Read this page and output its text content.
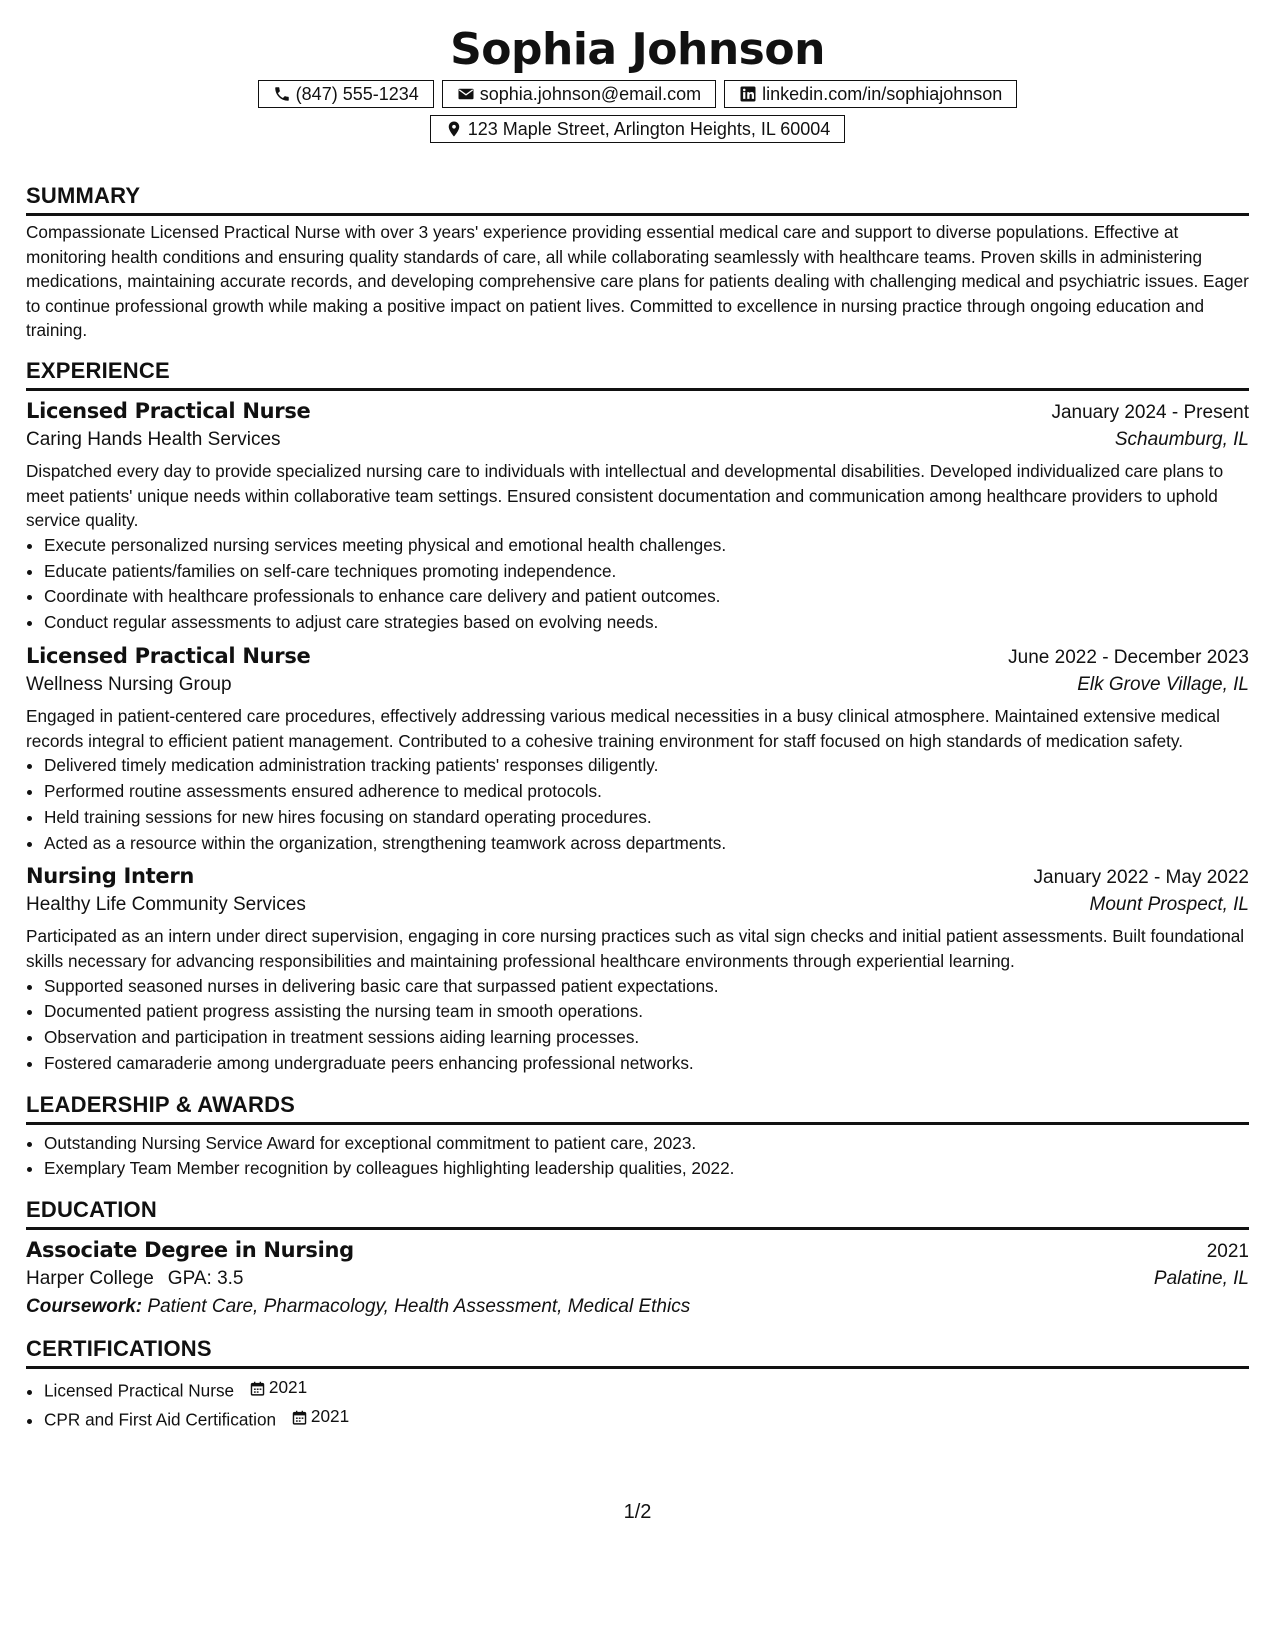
Sophia Johnson
(847) 555-1234	sophia.johnson@email.com	linkedin.com/in/sophiajohnson
123 Maple Street, Arlington Heights, IL 60004
SUMMARY

Compassionate Licensed Practical Nurse with over 3 years' experience providing essential medical care and support to diverse populations. Effective at monitoring health conditions and ensuring quality standards of care, all while collaborating seamlessly with healthcare teams. Proven skills in administering medications, maintaining accurate records, and developing comprehensive care plans for patients dealing with challenging medical and psychiatric issues. Eager to continue professional growth while making a positive impact on patient lives. Committed to excellence in nursing practice through ongoing education and training.

EXPERIENCE
Licensed Practical Nurse	January 2024 - Present
Caring Hands Health Services	Schaumburg, IL

Dispatched every day to provide specialized nursing care to individuals with intellectual and developmental disabilities. Developed individualized care plans to meet patients' unique needs within collaborative team settings. Ensured consistent documentation and communication among healthcare providers to uphold service quality.

• Execute personalized nursing services meeting physical and emotional health challenges.
• Educate patients/families on self-care techniques promoting independence.
• Coordinate with healthcare professionals to enhance care delivery and patient outcomes.
• Conduct regular assessments to adjust care strategies based on evolving needs.
Licensed Practical Nurse	June 2022 - December 2023
Wellness Nursing Group	Elk Grove Village, IL

Engaged in patient-centered care procedures, effectively addressing various medical necessities in a busy clinical atmosphere. Maintained extensive medical records integral to efficient patient management. Contributed to a cohesive training environment for staff focused on high standards of medication safety.

• Delivered timely medication administration tracking patients' responses diligently.
• Performed routine assessments ensured adherence to medical protocols.
• Held training sessions for new hires focusing on standard operating procedures.
• Acted as a resource within the organization, strengthening teamwork across departments.
Nursing Intern	January 2022 - May 2022
Healthy Life Community Services	Mount Prospect, IL

Participated as an intern under direct supervision, engaging in core nursing practices such as vital sign checks and initial patient assessments. Built foundational skills necessary for advancing responsibilities and maintaining professional healthcare environments through experiential learning.

• Supported seasoned nurses in delivering basic care that surpassed patient expectations.
• Documented patient progress assisting the nursing team in smooth operations.
• Observation and participation in treatment sessions aiding learning processes.
• Fostered camaraderie among undergraduate peers enhancing professional networks.
LEADERSHIP & AWARDS
• Outstanding Nursing Service Award for exceptional commitment to patient care, 2023.
• Exemplary Team Member recognition by colleagues highlighting leadership qualities, 2022.
EDUCATION
Associate Degree in Nursing	2021
Harper College GPA: 3.5	Palatine, IL
Coursework: Patient Care, Pharmacology, Health Assessment, Medical Ethics
CERTIFICATIONS
• Licensed Practical Nurse 2021
• CPR and First Aid Certification 2021
1/2
